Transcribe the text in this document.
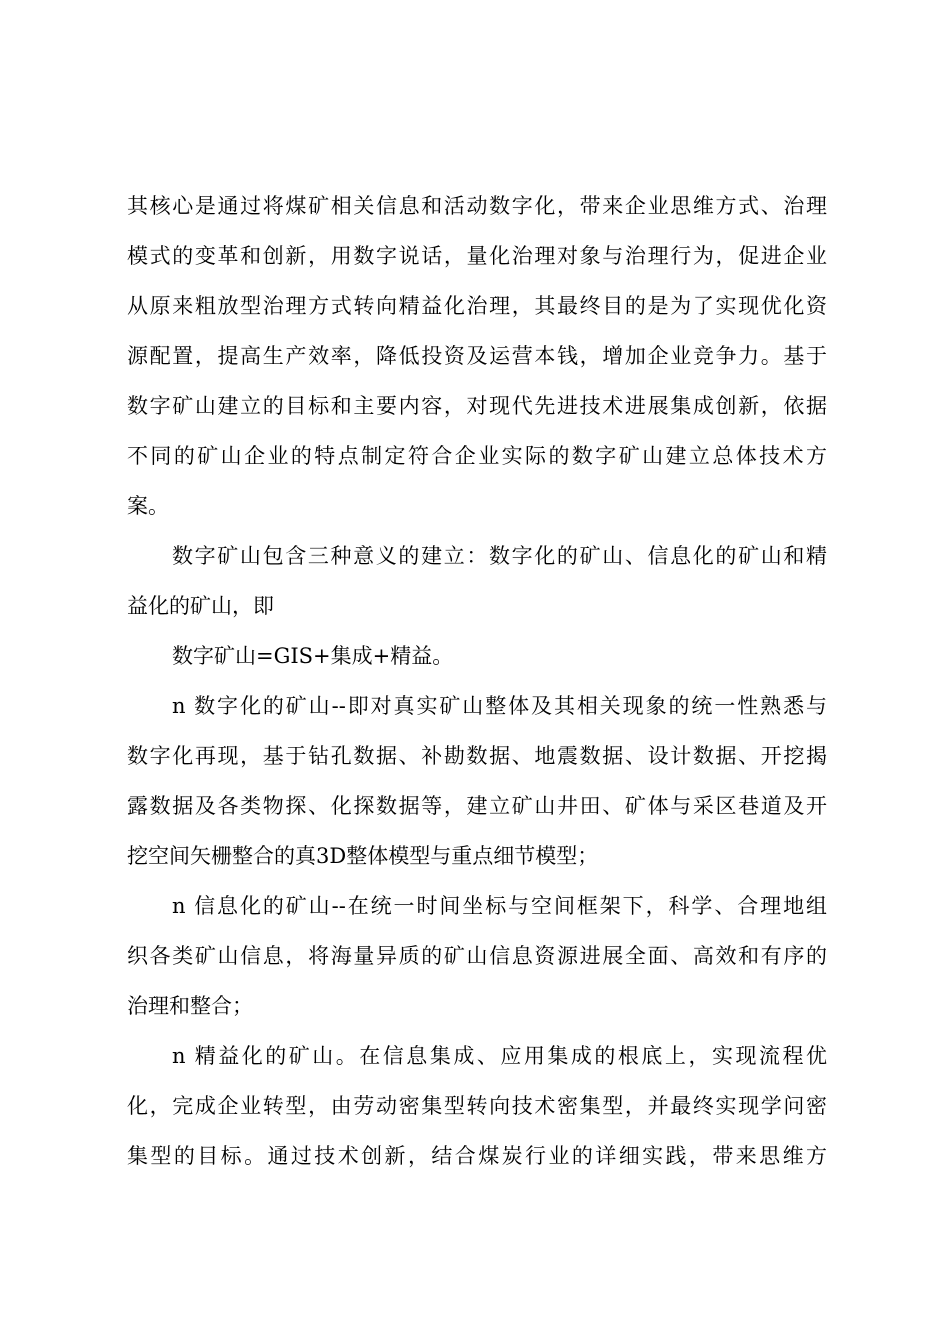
其核心是通过将煤矿相关信息和活动数字化，带来企业思维方式、治理
模式的变革和创新，用数字说话，量化治理对象与治理行为，促进企业
从原来粗放型治理方式转向精益化治理，其最终目的是为了实现优化资
源配置，提高生产效率，降低投资及运营本钱，增加企业竞争力。基于
数字矿山建立的目标和主要内容，对现代先进技术进展集成创新，依据
不同的矿山企业的特点制定符合企业实际的数字矿山建立总体技术方
案。
数字矿山包含三种意义的建立：数字化的矿山、信息化的矿山和精
益化的矿山，即
数字矿山=GIS+集成+精益。
n 数字化的矿山--即对真实矿山整体及其相关现象的统一性熟悉与
数字化再现，基于钻孔数据、补勘数据、地震数据、设计数据、开挖揭
露数据及各类物探、化探数据等，建立矿山井田、矿体与采区巷道及开
挖空间矢栅整合的真3D整体模型与重点细节模型；
n 信息化的矿山--在统一时间坐标与空间框架下，科学、合理地组
织各类矿山信息，将海量异质的矿山信息资源进展全面、高效和有序的
治理和整合；
n 精益化的矿山。在信息集成、应用集成的根底上，实现流程优
化，完成企业转型，由劳动密集型转向技术密集型，并最终实现学问密
集型的目标。通过技术创新，结合煤炭行业的详细实践，带来思维方
